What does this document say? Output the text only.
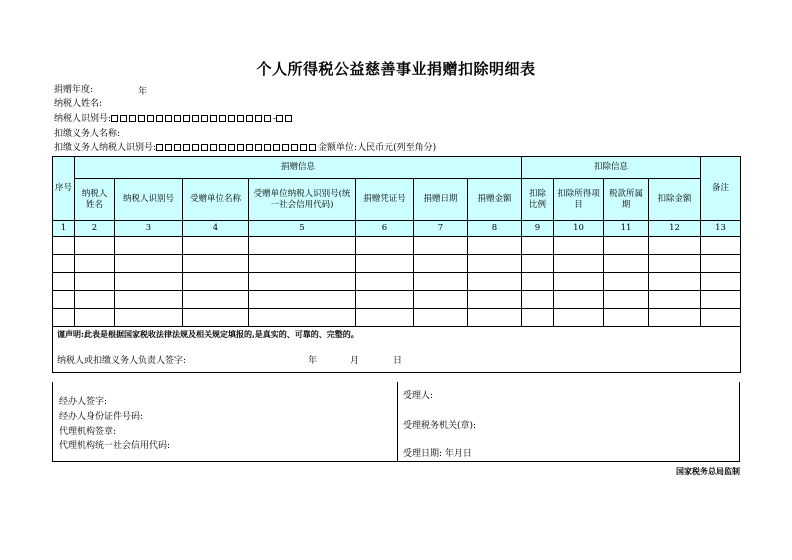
个人所得税公益慈善事业捐赠扣除明细表
捐赠年度:	年
纳税人姓名:
纳税人识别号:	-
扣缴义务人名称:
扣缴义务人纳税人识别号:	金额单位:人民币元(列至角分)
序号	捐赠信息							扣除信息				备注
	纳税人姓名	纳税人识别号	受赠单位名称	受赠单位纳税人识别号(统一社会信用代码)	捐赠凭证号	捐赠日期	捐赠金额	扣除比例	扣除所得项目	税款所属期	扣除金额	
1	2	3	4	5	6	7	8	9	10	11	12	13

谨声明:此表是根据国家税收法律法规及相关规定填报的,是真实的、可靠的、完整的。
纳税人或扣缴义务人负责人签字: 年 月 日												
经办人签字:
经办人身份证件号码:
代理机构签章:
代理机构统一社会信用代码:
受理人:
受理税务机关(章):
受理日期: 年月日
国家税务总局监制
